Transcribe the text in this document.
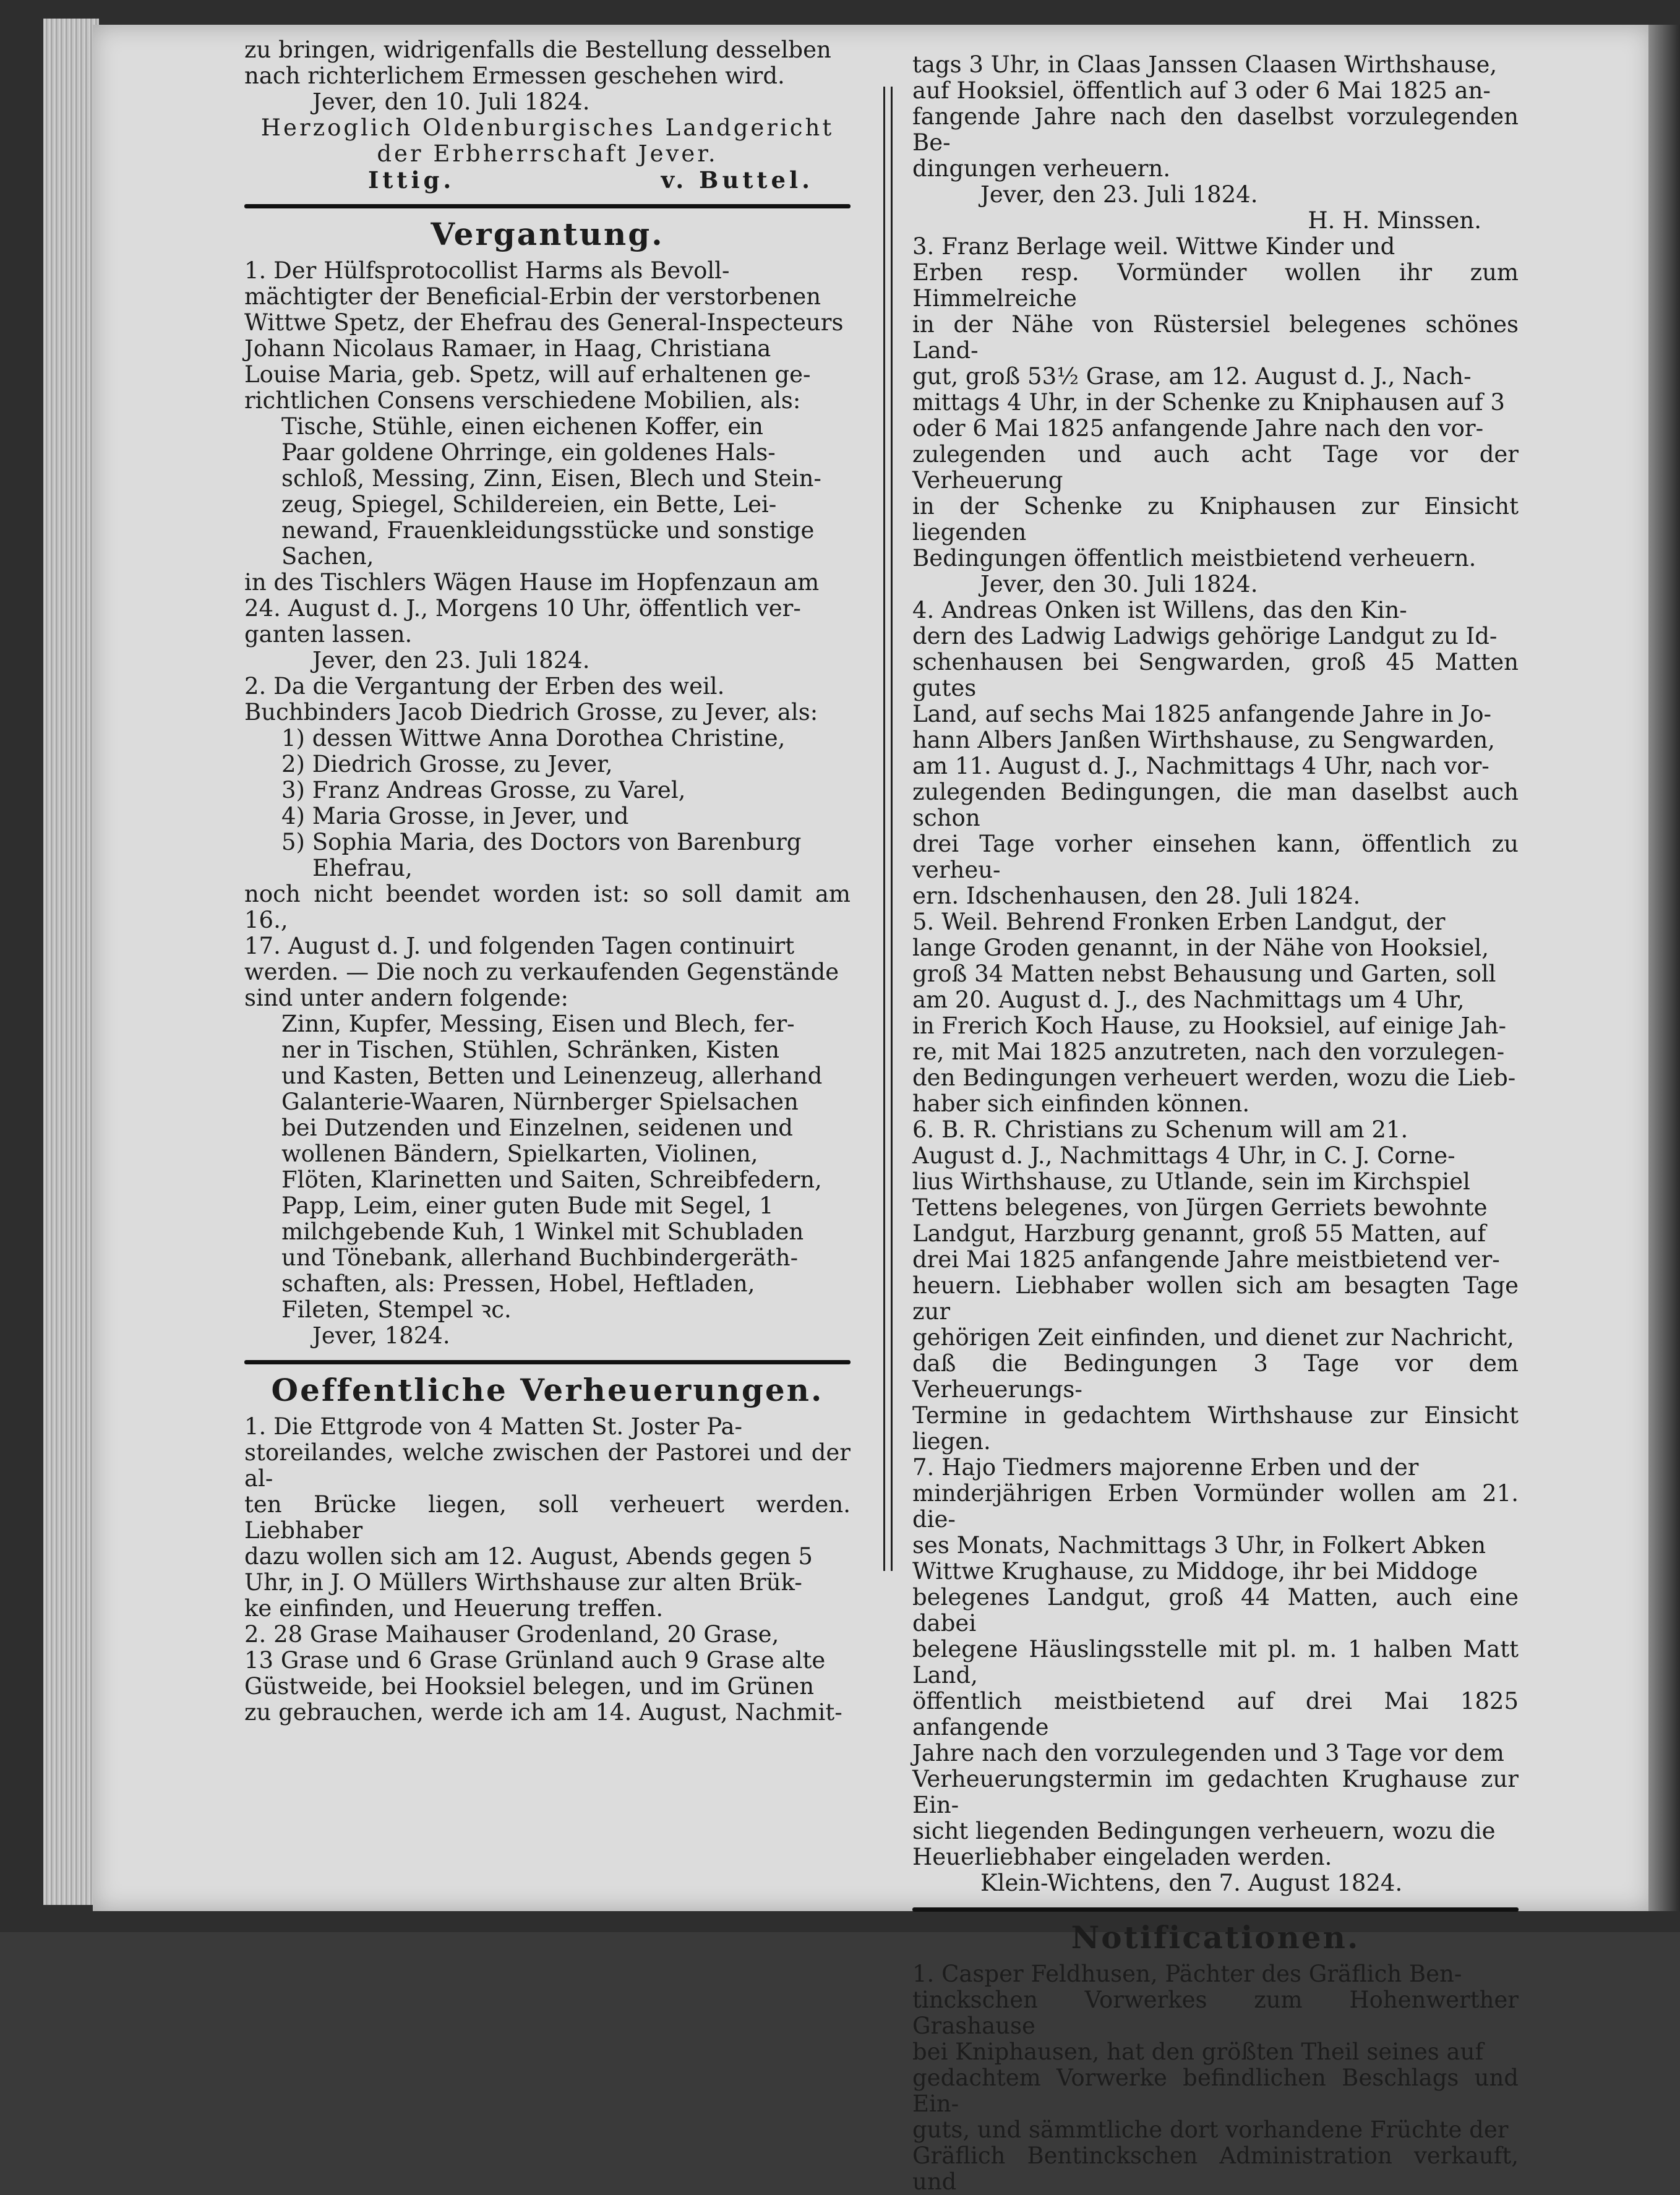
zu bringen, widrigenfalls die Bestellung desselben

nach richterlichem Ermessen geschehen wird.

Jever, den 10. Juli 1824.

Herzoglich Oldenburgisches Landgericht

der Erbherrschaft Jever.

Ittig.	v. Buttel.
Vergantung.

1. Der Hülfsprotocollist Harms als Bevoll-

mächtigter der Beneficial-Erbin der verstorbenen

Wittwe Spetz, der Ehefrau des General-Inspecteurs

Johann Nicolaus Ramaer, in Haag, Christiana

Louise Maria, geb. Spetz, will auf erhaltenen ge-

richtlichen Consens verschiedene Mobilien, als:

Tische, Stühle, einen eichenen Koffer, ein

Paar goldene Ohrringe, ein goldenes Hals-

schloß, Messing, Zinn, Eisen, Blech und Stein-

zeug, Spiegel, Schildereien, ein Bette, Lei-

newand, Frauenkleidungsstücke und sonstige

Sachen,

in des Tischlers Wägen Hause im Hopfenzaun am

24. August d. J., Morgens 10 Uhr, öffentlich ver-

ganten lassen.

Jever, den 23. Juli 1824.

2. Da die Vergantung der Erben des weil.

Buchbinders Jacob Diedrich Grosse, zu Jever, als:

1) dessen Wittwe Anna Dorothea Christine,

2) Diedrich Grosse, zu Jever,

3) Franz Andreas Grosse, zu Varel,

4) Maria Grosse, in Jever, und

5) Sophia Maria, des Doctors von Barenburg

Ehefrau,

noch nicht beendet worden ist: so soll damit am 16.,

17. August d. J. und folgenden Tagen continuirt

werden. — Die noch zu verkaufenden Gegenstände

sind unter andern folgende:

Zinn, Kupfer, Messing, Eisen und Blech, fer-

ner in Tischen, Stühlen, Schränken, Kisten

und Kasten, Betten und Leinenzeug, allerhand

Galanterie-Waaren, Nürnberger Spielsachen

bei Dutzenden und Einzelnen, seidenen und

wollenen Bändern, Spielkarten, Violinen,

Flöten, Klarinetten und Saiten, Schreibfedern,

Papp, Leim, einer guten Bude mit Segel, 1

milchgebende Kuh, 1 Winkel mit Schubladen

und Tönebank, allerhand Buchbindergeräth-

schaften, als: Pressen, Hobel, Heftladen,

Fileten, Stempel ꝛc.

Jever, 1824.

Oeffentliche Verheuerungen.

1. Die Ettgrode von 4 Matten St. Joster Pa-

storeilandes, welche zwischen der Pastorei und der al-

ten Brücke liegen, soll verheuert werden. Liebhaber

dazu wollen sich am 12. August, Abends gegen 5

Uhr, in J. O Müllers Wirthshause zur alten Brük-

ke einfinden, und Heuerung treffen.

2. 28 Grase Maihauser Grodenland, 20 Grase,

13 Grase und 6 Grase Grünland auch 9 Grase alte

Güstweide, bei Hooksiel belegen, und im Grünen

zu gebrauchen, werde ich am 14. August, Nachmit-

tags 3 Uhr, in Claas Janssen Claasen Wirthshause,

auf Hooksiel, öffentlich auf 3 oder 6 Mai 1825 an-

fangende Jahre nach den daselbst vorzulegenden Be-

dingungen verheuern.

Jever, den 23. Juli 1824.

H. H. Minssen.

3. Franz Berlage weil. Wittwe Kinder und

Erben resp. Vormünder wollen ihr zum Himmelreiche

in der Nähe von Rüstersiel belegenes schönes Land-

gut, groß 53½ Grase, am 12. August d. J., Nach-

mittags 4 Uhr, in der Schenke zu Kniphausen auf 3

oder 6 Mai 1825 anfangende Jahre nach den vor-

zulegenden und auch acht Tage vor der Verheuerung

in der Schenke zu Kniphausen zur Einsicht liegenden

Bedingungen öffentlich meistbietend verheuern.

Jever, den 30. Juli 1824.

4. Andreas Onken ist Willens, das den Kin-

dern des Ladwig Ladwigs gehörige Landgut zu Id-

schenhausen bei Sengwarden, groß 45 Matten gutes

Land, auf sechs Mai 1825 anfangende Jahre in Jo-

hann Albers Janßen Wirthshause, zu Sengwarden,

am 11. August d. J., Nachmittags 4 Uhr, nach vor-

zulegenden Bedingungen, die man daselbst auch schon

drei Tage vorher einsehen kann, öffentlich zu verheu-

ern. Idschenhausen, den 28. Juli 1824.

5. Weil. Behrend Fronken Erben Landgut, der

lange Groden genannt, in der Nähe von Hooksiel,

groß 34 Matten nebst Behausung und Garten, soll

am 20. August d. J., des Nachmittags um 4 Uhr,

in Frerich Koch Hause, zu Hooksiel, auf einige Jah-

re, mit Mai 1825 anzutreten, nach den vorzulegen-

den Bedingungen verheuert werden, wozu die Lieb-

haber sich einfinden können.

6. B. R. Christians zu Schenum will am 21.

August d. J., Nachmittags 4 Uhr, in C. J. Corne-

lius Wirthshause, zu Utlande, sein im Kirchspiel

Tettens belegenes, von Jürgen Gerriets bewohnte

Landgut, Harzburg genannt, groß 55 Matten, auf

drei Mai 1825 anfangende Jahre meistbietend ver-

heuern. Liebhaber wollen sich am besagten Tage zur

gehörigen Zeit einfinden, und dienet zur Nachricht,

daß die Bedingungen 3 Tage vor dem Verheuerungs-

Termine in gedachtem Wirthshause zur Einsicht liegen.

7. Hajo Tiedmers majorenne Erben und der

minderjährigen Erben Vormünder wollen am 21. die-

ses Monats, Nachmittags 3 Uhr, in Folkert Abken

Wittwe Krughause, zu Middoge, ihr bei Middoge

belegenes Landgut, groß 44 Matten, auch eine dabei

belegene Häuslingsstelle mit pl. m. 1 halben Matt Land,

öffentlich meistbietend auf drei Mai 1825 anfangende

Jahre nach den vorzulegenden und 3 Tage vor dem

Verheuerungstermin im gedachten Krughause zur Ein-

sicht liegenden Bedingungen verheuern, wozu die

Heuerliebhaber eingeladen werden.

Klein-Wichtens, den 7. August 1824.

Notificationen.

1. Casper Feldhusen, Pächter des Gräflich Ben-

tinckschen Vorwerkes zum Hohenwerther Grashause

bei Kniphausen, hat den größten Theil seines auf

gedachtem Vorwerke befindlichen Beschlags und Ein-

guts, und sämmtliche dort vorhandene Früchte der

Gräflich Bentinckschen Administration verkauft, und
